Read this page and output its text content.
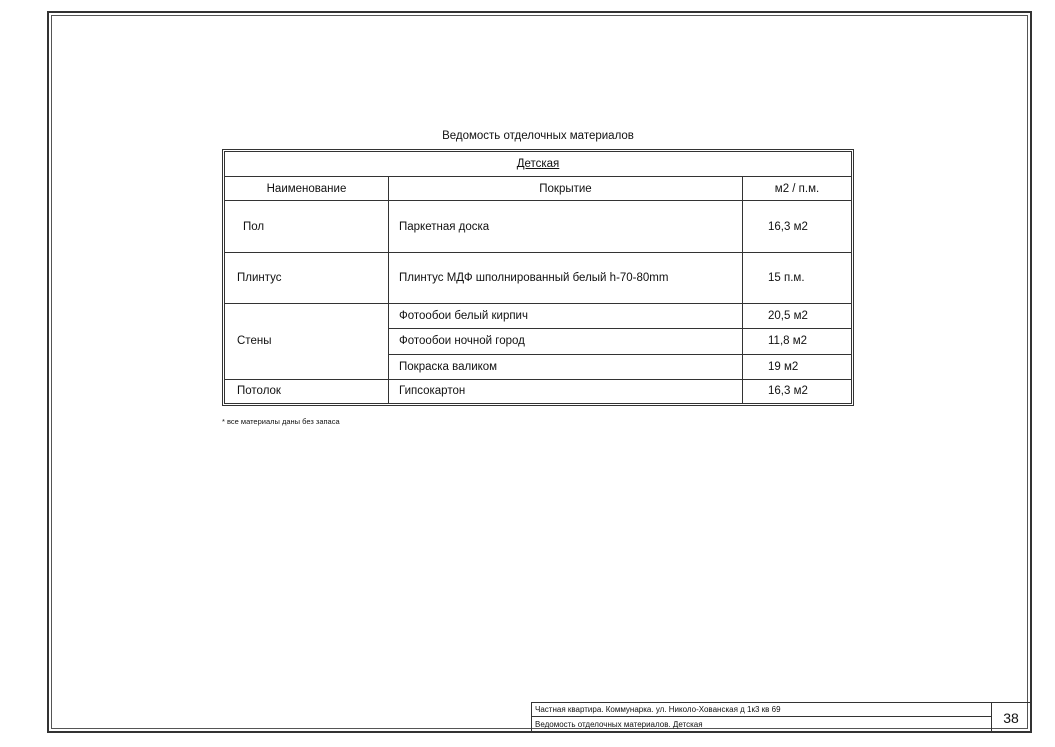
Ведомость отделочных материалов
Детская		
Наименование	Покрытие	м2 / п.м.
Пол	Паркетная доска	16,3 м2
Плинтус	Плинтус МДФ шполнированный белый h-70-80mm	15 п.м.
Стены	Фотообои белый кирпич	20,5 м2
	Фотообои ночной город	11,8 м2
	Покраска валиком	19 м2
Потолок	Гипсокартон	16,3 м2
* все материалы даны без запаса
Частная квартира. Коммунарка. ул. Николо-Хованская д 1к3 кв 69
Ведомость отделочных материалов. Детская	38
